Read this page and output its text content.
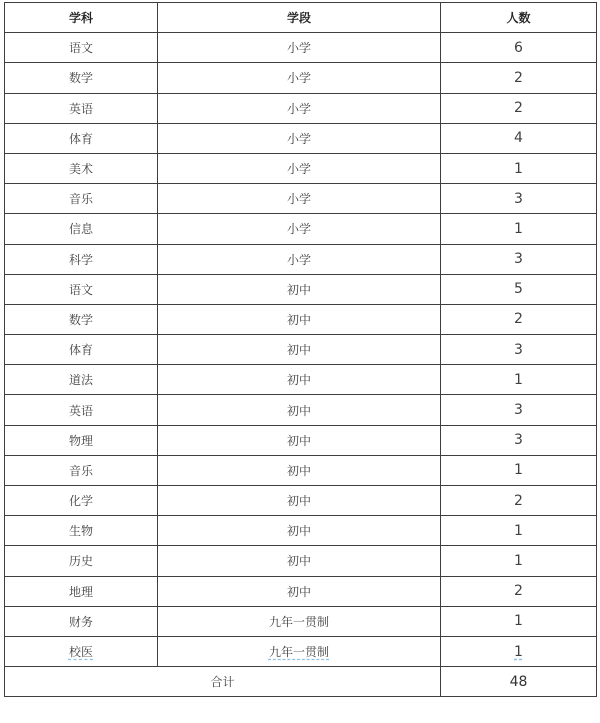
学科	学段	人数
语文	小学	6
数学	小学	2
英语	小学	2
体育	小学	4
美术	小学	1
音乐	小学	3
信息	小学	1
科学	小学	3
语文	初中	5
数学	初中	2
体育	初中	3
道法	初中	1
英语	初中	3
物理	初中	3
音乐	初中	1
化学	初中	2
生物	初中	1
历史	初中	1
地理	初中	2
财务	九年一贯制	1
校医	九年一贯制	1
合计		48
